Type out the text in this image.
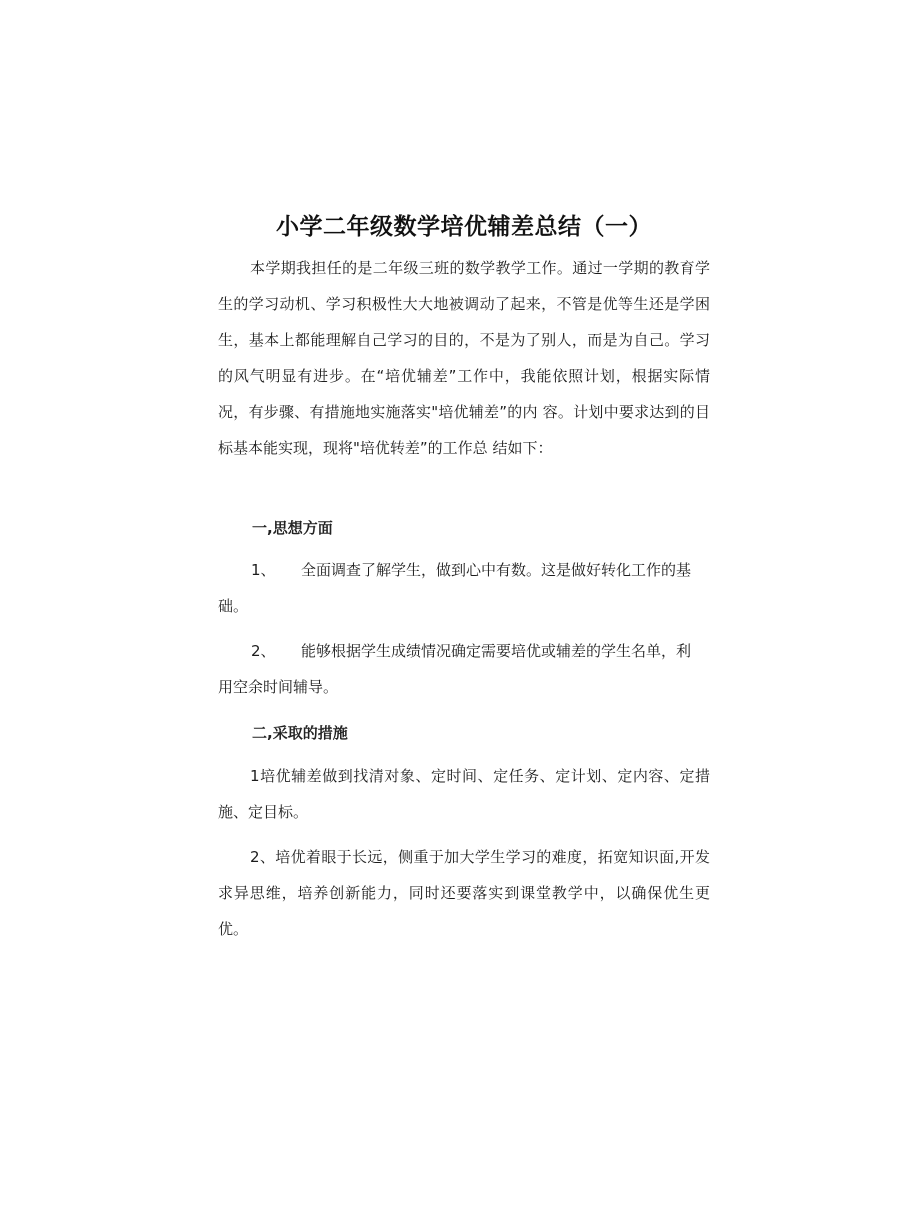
小学二年级数学培优辅差总结（一）

本学期我担任的是二年级三班的数学教学工作。通过一学期的教育学生的学习动机、学习积极性大大地被调动了起来，不管是优等生还是学困生，基本上都能理解自己学习的目的，不是为了别人，而是为自己。学习的风气明显有进步。在“培优辅差”工作中，我能依照计划，根据实际情况，有步骤、有措施地实施落实"培优辅差”的内 容。计划中要求达到的目标基本能实现，现将"培优转差”的工作总 结如下：

一,思想方面

1、 全面调查了解学生，做到心中有数。这是做好转化工作的基 础。

2、 能够根据学生成绩情况确定需要培优或辅差的学生名单，利 用空余时间辅导。

二,采取的措施

1培优辅差做到找清对象、定时间、定任务、定计划、定内容、定措施、定目标。

2、培优着眼于长远，侧重于加大学生学习的难度，拓宽知识面,开发求异思维，培养创新能力，同时还要落实到课堂教学中，以确保优生更优。
